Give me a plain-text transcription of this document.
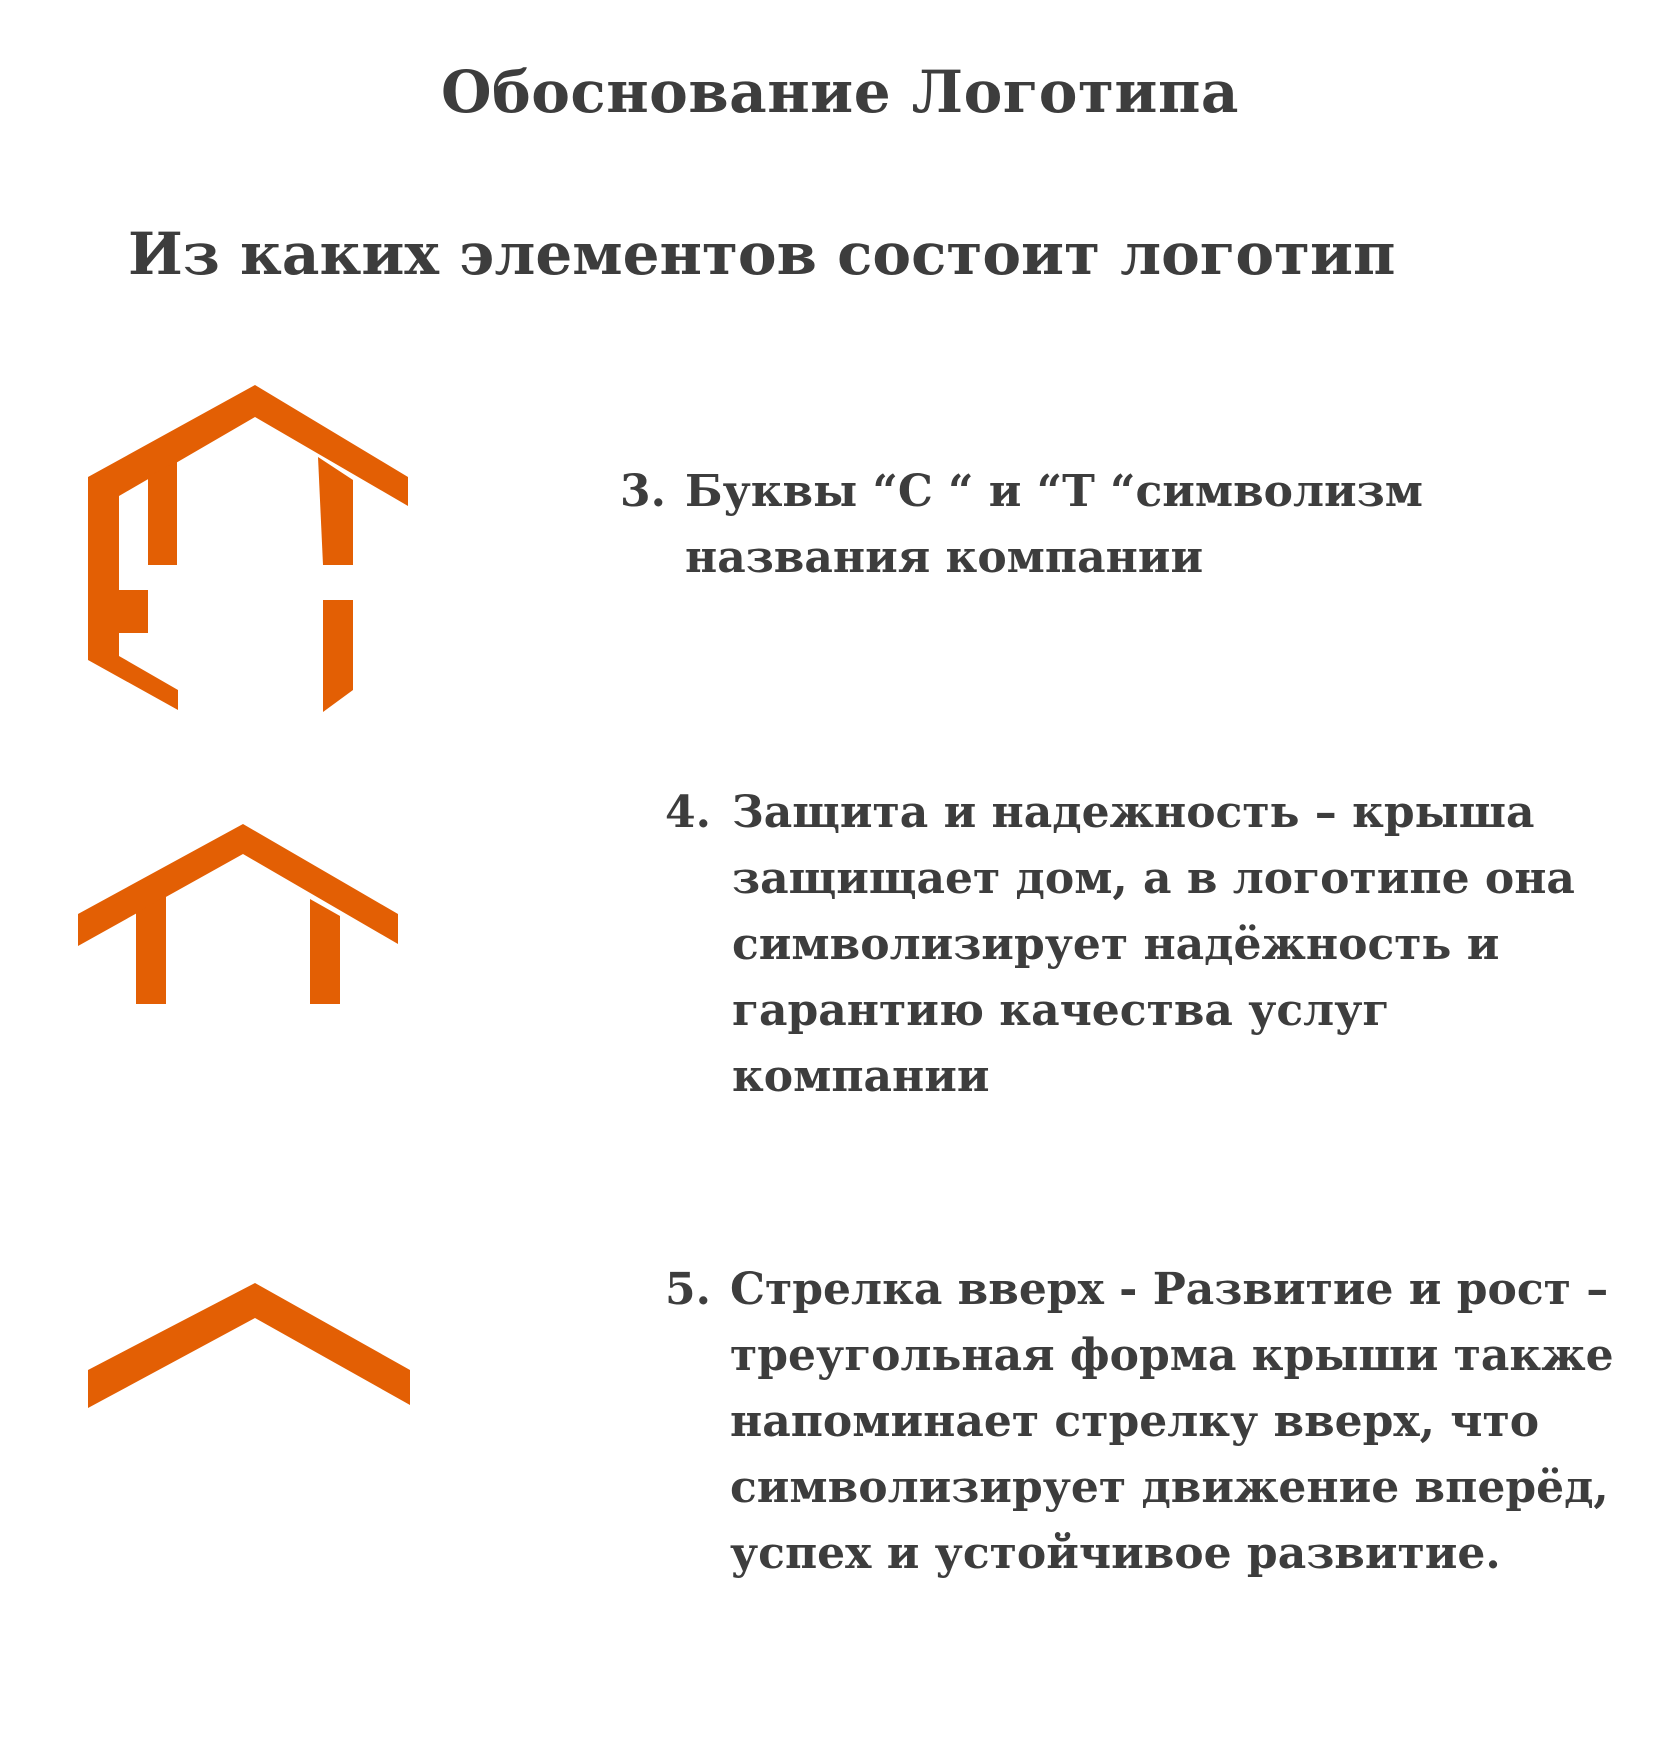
Обоснование Логотипа
Из каких элементов состоит логотип
3. Буквы “С “ и “Т “символизм
названия компании
4. Защита и надежность – крыша
защищает дом, а в логотипе она
символизирует надёжность и
гарантию качества услуг
компании
5. Стрелка вверх - Развитие и рост –
треугольная форма крыши также
напоминает стрелку вверх, что
символизирует движение вперёд,
успех и устойчивое развитие.
